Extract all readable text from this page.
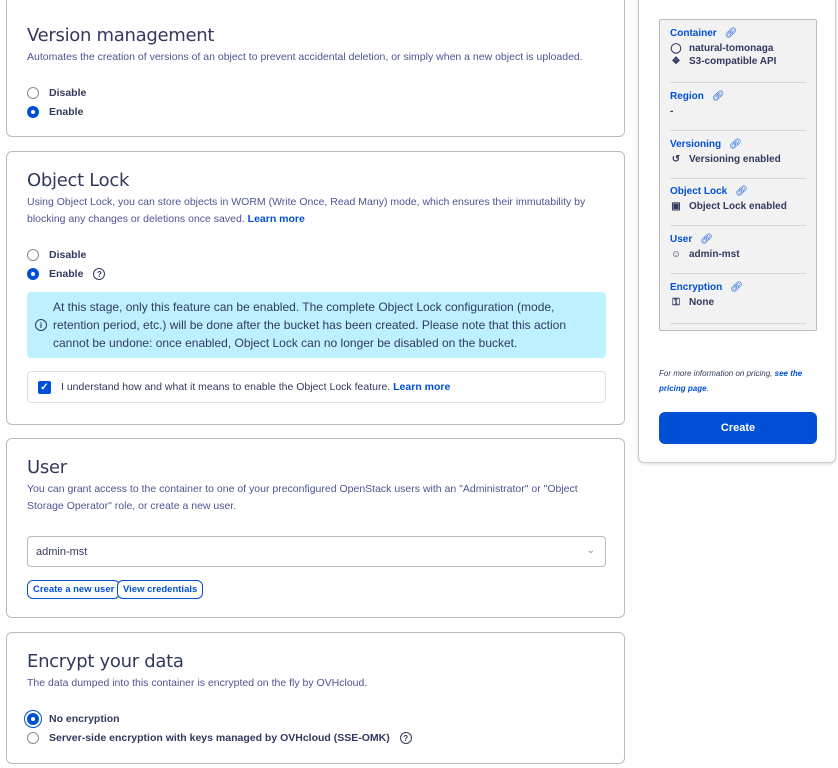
Version management
Automates the creation of versions of an object to prevent accidental deletion, or simply when a new object is uploaded.
Disable
Enable
Object Lock
Using Object Lock, you can store objects in WORM (Write Once, Read Many) mode, which ensures their immutability by blocking any changes or deletions once saved. Learn more
Disable
Enable	?
i

At this stage, only this feature can be enabled. The complete Object Lock configuration (mode, retention period, etc.) will be done after the bucket has been created. Please note that this action cannot be undone: once enabled, Object Lock can no longer be disabled on the bucket.

✓ I understand how and what it means to enable the Object Lock feature. Learn more
User
You can grant access to the container to one of your preconfigured OpenStack users with an "Administrator" or "Object Storage Operator" role, or create a new user.
admin-mst	⌄
Create a new user View credentials
Encrypt your data
The data dumped into this container is encrypted on the fly by OVHcloud.
No encryption
Server-side encryption with keys managed by OVHcloud (SSE-OMK)	?
Container 🔗︎
◯︎ natural-tomonaga
❖ S3-compatible API
Region 🔗︎
-
Versioning 🔗︎
↺ Versioning enabled
Object Lock 🔗︎
▣ Object Lock enabled
User 🔗︎
☺ admin-mst
Encryption 🔗︎
⚿ None
For more information on pricing, see the pricing page.
Create
